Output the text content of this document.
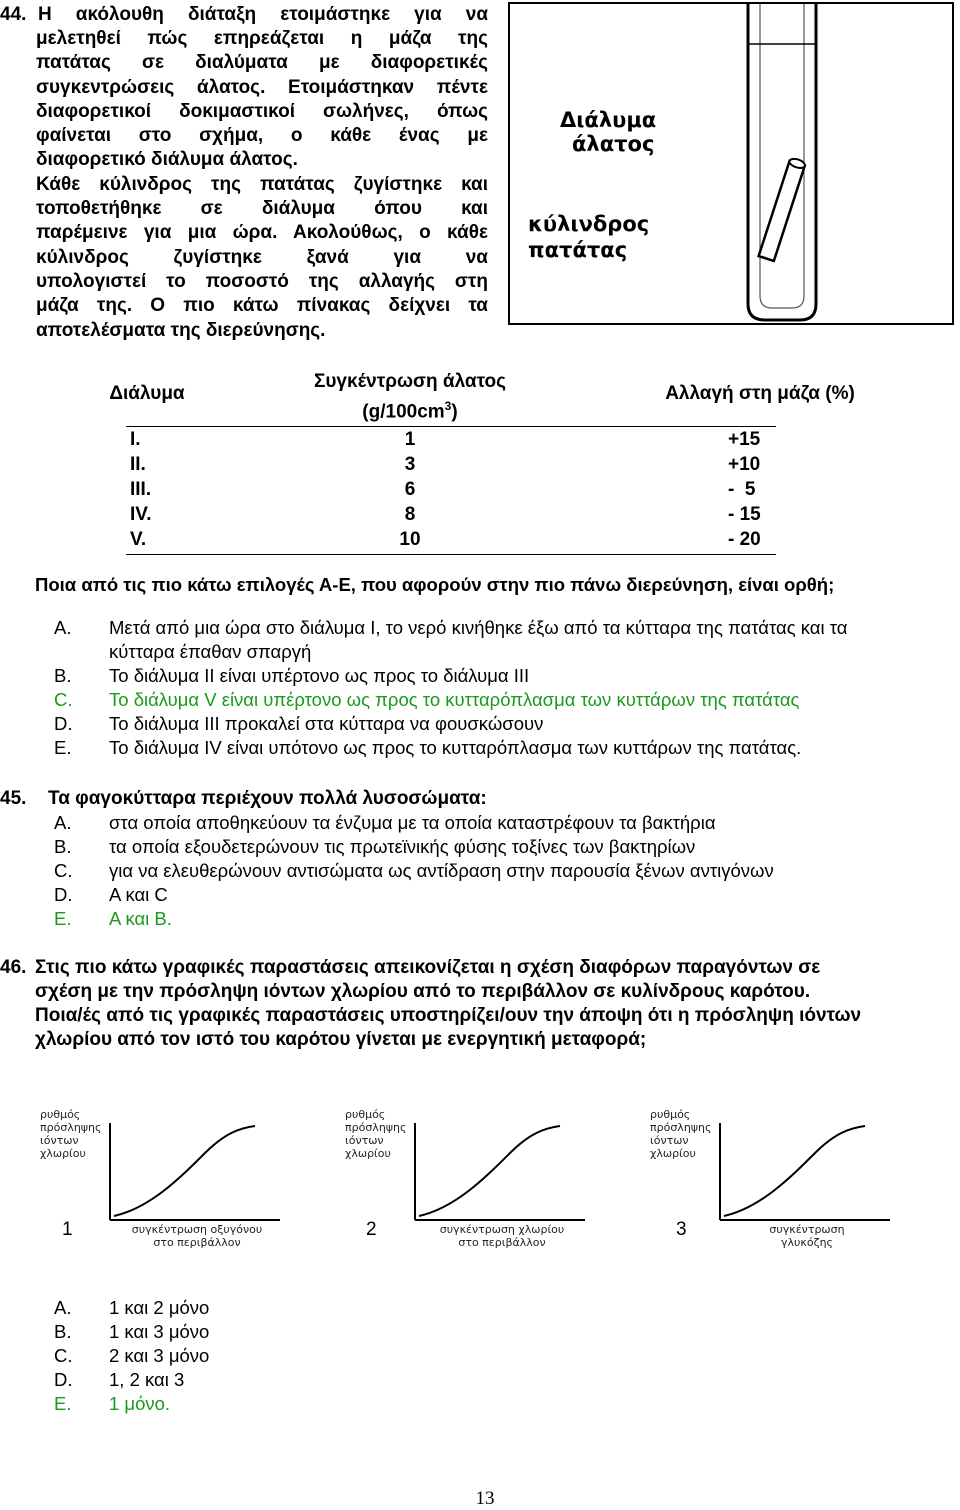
44. Η ακόλουθη διάταξη ετοιμάστηκε για να
μελετηθεί πώς επηρεάζεται η μάζα της
πατάτας σε διαλύματα με διαφορετικές
συγκεντρώσεις άλατος. Ετοιμάστηκαν πέντε
διαφορετικοί δοκιμαστικοί σωλήνες, όπως
φαίνεται στο σχήμα, ο κάθε ένας με
διαφορετικό διάλυμα άλατος.
Κάθε κύλινδρος της πατάτας ζυγίστηκε και
τοποθετήθηκε σε διάλυμα όπου και
παρέμεινε για μια ώρα. Ακολούθως, ο κάθε
κύλινδρος ζυγίστηκε ξανά για να
υπολογιστεί το ποσοστό της αλλαγής στη
μάζα της. Ο πιο κάτω πίνακας δείχνει τα
αποτελέσματα της διερεύνησης.
Διάλυμα
άλατος
κύλινδρος
πατάτας
Διάλυμα
Συγκέντρωση άλατος
$(g/100cm^3)$
Αλλαγή στη μάζα (%)
I.	1	+15
II.	3	+10
III.	6	-  5
IV.	8	- 15
V.	10	- 20
Ποια από τις πιο κάτω επιλογές Α-Ε, που αφορούν στην πιο πάνω διερεύνηση, είναι ορθή;
A. Μετά από μια ώρα στο διάλυμα Ι, το νερό κινήθηκε έξω από τα κύτταρα της πατάτας και τα
κύτταρα έπαθαν σπαργή
B. Το διάλυμα ΙΙ είναι υπέρτονο ως προς το διάλυμα ΙΙΙ
C. Το διάλυμα V είναι υπέρτονο ως προς το κυτταρόπλασμα των κυττάρων της πατάτας
D. Το διάλυμα ΙΙΙ προκαλεί στα κύτταρα να φουσκώσουν
E. Το διάλυμα ΙV είναι υπότονο ως προς το κυτταρόπλασμα των κυττάρων της πατάτας.
45.	Τα φαγοκύτταρα περιέχουν πολλά λυσοσώματα:
A. στα οποία αποθηκεύουν τα ένζυμα με τα οποία καταστρέφουν τα βακτήρια
B. τα οποία εξουδετερώνουν τις πρωτεϊνικής φύσης τοξίνες των βακτηρίων
C. για να ελευθερώνουν αντισώματα ως αντίδραση στην παρουσία ξένων αντιγόνων
D. A και C
E. A και B.
46. Στις πιο κάτω γραφικές παραστάσεις απεικονίζεται η σχέση διαφόρων παραγόντων σε
σχέση με την πρόσληψη ιόντων χλωρίου από το περιβάλλον σε κυλίνδρους καρότου.
Ποια/ές από τις γραφικές παραστάσεις υποστηρίζει/ουν την άποψη ότι η πρόσληψη ιόντων
χλωρίου από τον ιστό του καρότου γίνεται με ενεργητική μεταφορά;
ρυθμός
πρόσληψης
ιόντων
χλωρίου
συγκέντρωση οξυγόνου
στο περιβάλλον
1
ρυθμός
πρόσληψης
ιόντων
χλωρίου
συγκέντρωση χλωρίου
στο περιβάλλον
2
ρυθμός
πρόσληψης
ιόντων
χλωρίου
συγκέντρωση
γλυκόζης
3
A. 1 και 2 μόνο
B. 1 και 3 μόνο
C. 2 και 3 μόνο
D. 1, 2 και 3
E. 1 μόνο.
13
